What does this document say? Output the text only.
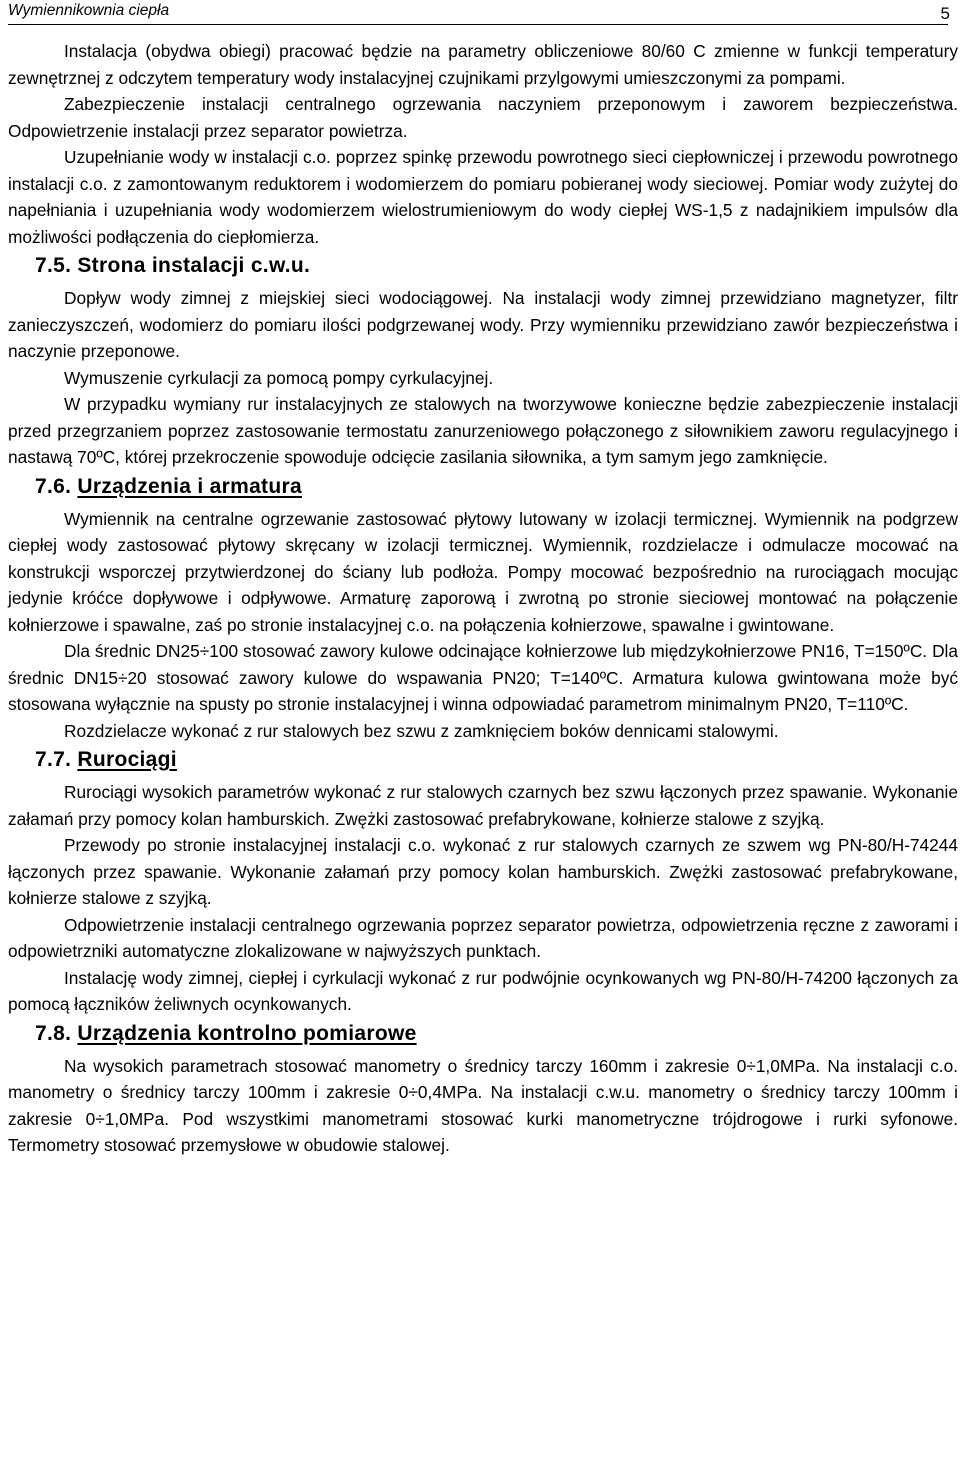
Wymiennikownia ciepła	5

Instalacja (obydwa obiegi) pracować będzie na parametry obliczeniowe 80/60 C zmienne w funkcji temperatury zewnętrznej z odczytem temperatury wody instalacyjnej czujnikami przylgowymi umieszczonymi za pompami.

Zabezpieczenie instalacji centralnego ogrzewania naczyniem przeponowym i zaworem bezpieczeństwa. Odpowietrzenie instalacji przez separator powietrza.

Uzupełnianie wody w instalacji c.o. poprzez spinkę przewodu powrotnego sieci ciepłowniczej i przewodu powrotnego instalacji c.o. z zamontowanym reduktorem i wodomierzem do pomiaru pobieranej wody sieciowej. Pomiar wody zużytej do napełniania i uzupełniania wody wodomierzem wielostrumieniowym do wody ciepłej WS-1,5 z nadajnikiem impulsów dla możliwości podłączenia do ciepłomierza.

7.5. Strona instalacji c.w.u.

Dopływ wody zimnej z miejskiej sieci wodociągowej. Na instalacji wody zimnej przewidziano magnetyzer, filtr zanieczyszczeń, wodomierz do pomiaru ilości podgrzewanej wody. Przy wymienniku przewidziano zawór bezpieczeństwa i naczynie przeponowe.

Wymuszenie cyrkulacji za pomocą pompy cyrkulacyjnej.

W przypadku wymiany rur instalacyjnych ze stalowych na tworzywowe konieczne będzie zabezpieczenie instalacji przed przegrzaniem poprzez zastosowanie termostatu zanurzeniowego połączonego z siłownikiem zaworu regulacyjnego i nastawą 70ºC, której przekroczenie spowoduje odcięcie zasilania siłownika, a tym samym jego zamknięcie.

7.6. Urządzenia i armatura

Wymiennik na centralne ogrzewanie zastosować płytowy lutowany w izolacji termicznej. Wymiennik na podgrzew ciepłej wody zastosować płytowy skręcany w izolacji termicznej. Wymiennik, rozdzielacze i odmulacze mocować na konstrukcji wsporczej przytwierdzonej do ściany lub podłoża. Pompy mocować bezpośrednio na rurociągach mocując jedynie króćce dopływowe i odpływowe. Armaturę zaporową i zwrotną po stronie sieciowej montować na połączenie kołnierzowe i spawalne, zaś po stronie instalacyjnej c.o. na połączenia kołnierzowe, spawalne i gwintowane.

Dla średnic DN25÷100 stosować zawory kulowe odcinające kołnierzowe lub międzykołnierzowe PN16, T=150ºC. Dla średnic DN15÷20 stosować zawory kulowe do wspawania PN20; T=140ºC. Armatura kulowa gwintowana może być stosowana wyłącznie na spusty po stronie instalacyjnej i winna odpowiadać parametrom minimalnym PN20, T=110ºC.

Rozdzielacze wykonać z rur stalowych bez szwu z zamknięciem boków dennicami stalowymi.

7.7. Rurociągi

Rurociągi wysokich parametrów wykonać z rur stalowych czarnych bez szwu łączonych przez spawanie. Wykonanie załamań przy pomocy kolan hamburskich. Zwężki zastosować prefabrykowane, kołnierze stalowe z szyjką.

Przewody po stronie instalacyjnej instalacji c.o. wykonać z rur stalowych czarnych ze szwem wg PN-80/H-74244 łączonych przez spawanie. Wykonanie załamań przy pomocy kolan hamburskich. Zwężki zastosować prefabrykowane, kołnierze stalowe z szyjką.

Odpowietrzenie instalacji centralnego ogrzewania poprzez separator powietrza, odpowietrzenia ręczne z zaworami i odpowietrzniki automatyczne zlokalizowane w najwyższych punktach.

Instalację wody zimnej, ciepłej i cyrkulacji wykonać z rur podwójnie ocynkowanych wg PN-80/H-74200 łączonych za pomocą łączników żeliwnych ocynkowanych.

7.8. Urządzenia kontrolno pomiarowe

Na wysokich parametrach stosować manometry o średnicy tarczy 160mm i zakresie 0÷1,0MPa. Na instalacji c.o. manometry o średnicy tarczy 100mm i zakresie 0÷0,4MPa. Na instalacji c.w.u. manometry o średnicy tarczy 100mm i zakresie 0÷1,0MPa. Pod wszystkimi manometrami stosować kurki manometryczne trójdrogowe i rurki syfonowe. Termometry stosować przemysłowe w obudowie stalowej.
